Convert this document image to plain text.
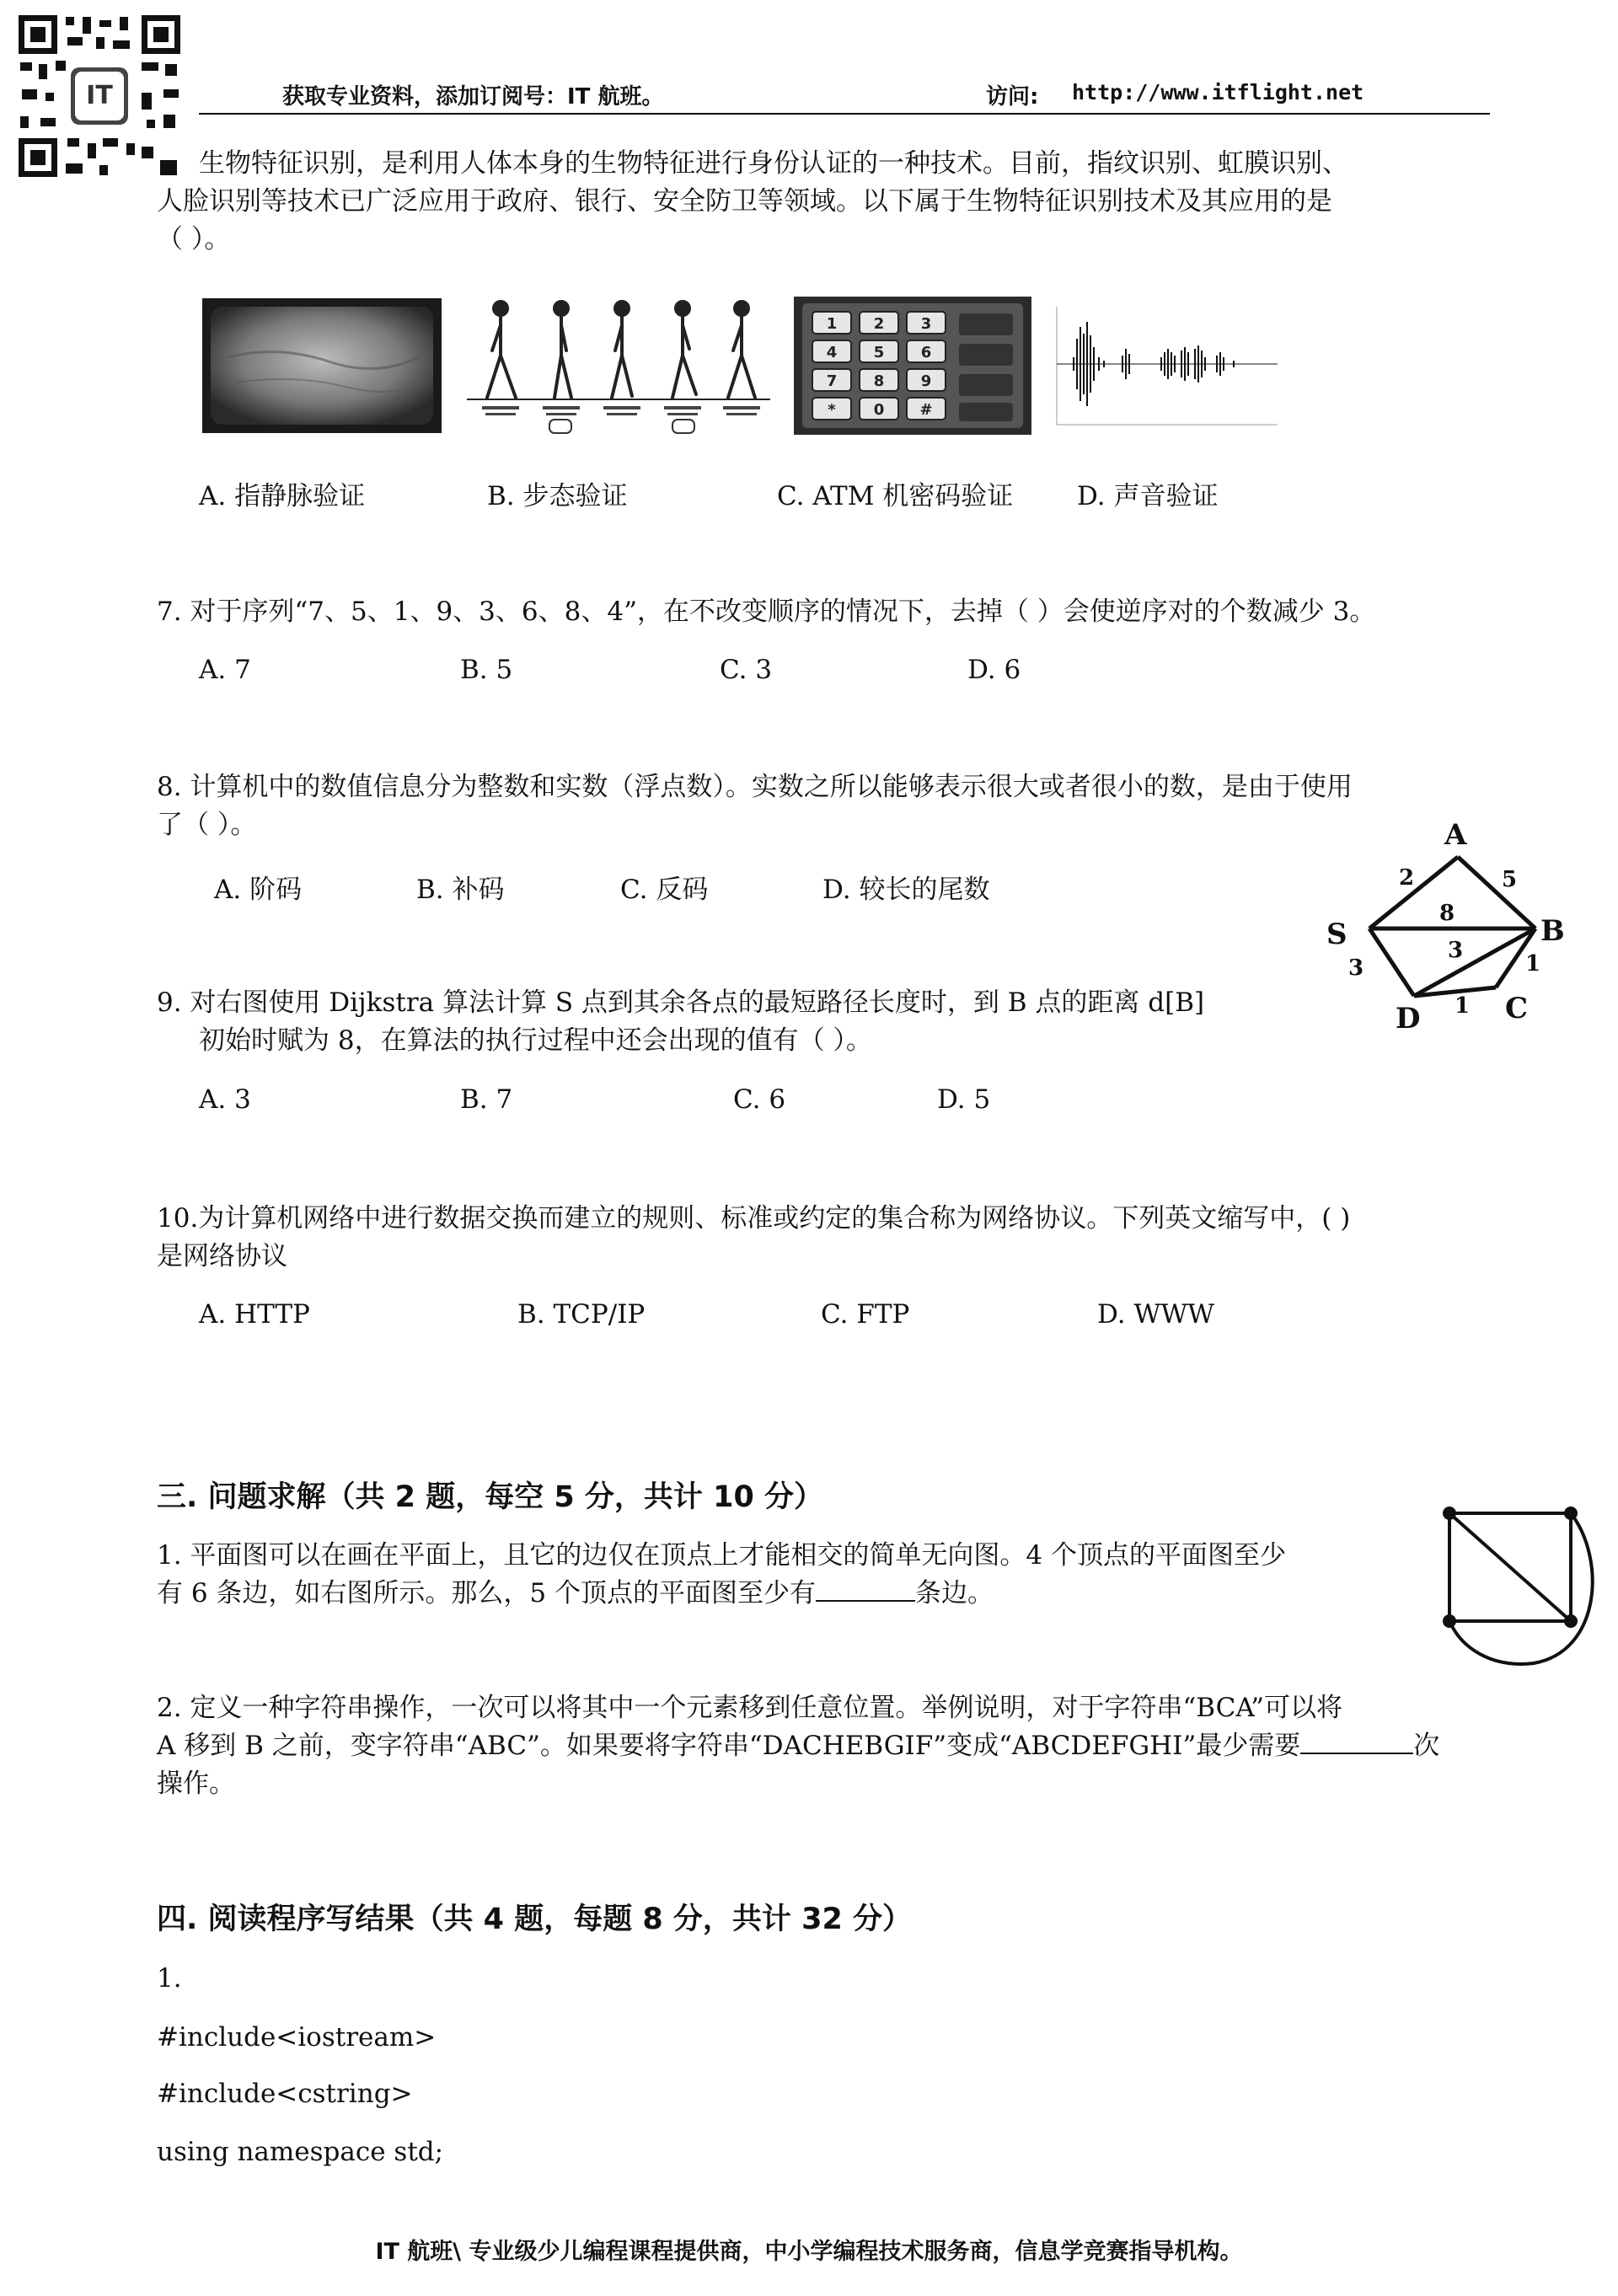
IT	获取专业资料，添加订阅号：IT 航班。	访问: http://www.itflight.net
生物特征识别，是利用人体本身的生物特征进行身份认证的一种技术。目前，指纹识别、虹膜识别、
人脸识别等技术已广泛应用于政府、银行、安全防卫等领域。以下属于生物特征识别技术及其应用的是
（ ）。
1 2 3
4 5 6
7 8 9
*	0 #
A. 指静脉验证	B. 步态验证	C. ATM 机密码验证 D. 声音验证
7. 对于序列“7、5、1、9、3、6、8、4”，在不改变顺序的情况下，去掉（ ）会使逆序对的个数减少 3。
A. 7	B. 5	C. 3	D. 6
8. 计算机中的数值信息分为整数和实数（浮点数）。实数之所以能够表示很大或者很小的数，是由于使用
了（ ）。
A. 阶码	B. 补码	C. 反码	D. 较长的尾数
A
B
S
D	C
2	5
8
3
3
1
1
9. 对右图使用 Dijkstra 算法计算 S 点到其余各点的最短路径长度时，到 B 点的距离 d[B]
初始时赋为 8，在算法的执行过程中还会出现的值有（ ）。
A. 3	B. 7	C. 6	D. 5
10.为计算机网络中进行数据交换而建立的规则、标准或约定的集合称为网络协议。下列英文缩写中，( )
是网络协议
A. HTTP	B. TCP/IP	C. FTP	D. WWW
三. 问题求解（共 2 题，每空 5 分，共计 10 分）
1. 平面图可以在画在平面上，且它的边仅在顶点上才能相交的简单无向图。4 个顶点的平面图至少
有 6 条边，如右图所示。那么，5 个顶点的平面图至少有	条边。
2. 定义一种字符串操作，一次可以将其中一个元素移到任意位置。举例说明，对于字符串“BCA”可以将
A 移到 B 之前，变字符串“ABC”。如果要将字符串“DACHEBGIF”变成“ABCDEFGHI”最少需要	次
操作。
四. 阅读程序写结果（共 4 题，每题 8 分，共计 32 分）
1.
#include<iostream>
#include<cstring>
using namespace std;
IT 航班\ 专业级少儿编程课程提供商，中小学编程技术服务商，信息学竞赛指导机构。
